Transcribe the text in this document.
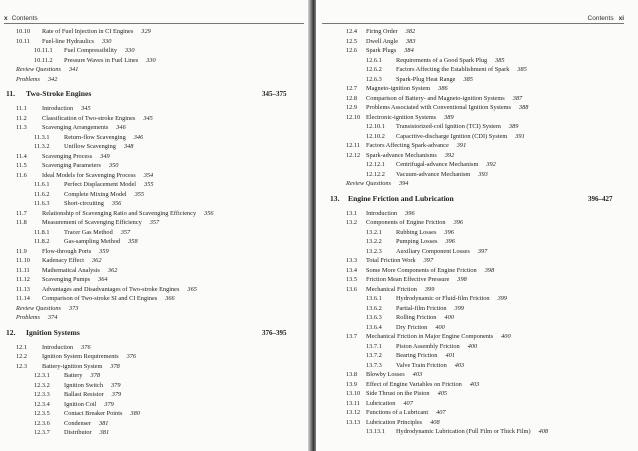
x Contents
10.10 Rate of Fuel Injection in CI Engines 329
10.11 Fuel-line Hydraulics 330
10.11.1 Fuel Compressibility 330
10.11.2 Pressure Waves in Fuel Lines 330
Review Questions 341
Problems 342
11. Two-Stroke Engines	345–375
11.1 Introduction 345
11.2 Classification of Two-stroke Engines 345
11.3 Scavenging Arrangements 346
11.3.1 Return-flow Scavenging 346
11.3.2 Uniflow Scavenging 348
11.4 Scavenging Process 349
11.5 Scavenging Parameters 350
11.6 Ideal Models for Scavenging Process 354
11.6.1 Perfect Displacement Model 355
11.6.2 Complete Mixing Model 355
11.6.3 Short-circuiting 356
11.7 Relationship of Scavenging Ratio and Scavenging Efficiency 356
11.8 Measurement of Scavenging Efficiency 357
11.8.1 Tracer Gas Method 357
11.8.2 Gas-sampling Method 358
11.9 Flow-through Ports 359
11.10 Kadenacy Effect 362
11.11 Mathematical Analysis 362
11.12 Scavenging Pumps 364
11.13 Advantages and Disadvantages of Two-stroke Engines 365
11.14 Comparison of Two-stroke SI and CI Engines 366
Review Questions 373
Problems 374
12. Ignition Systems	376–395
12.1 Introduction 376
12.2 Ignition System Requirements 376
12.3 Battery-ignition System 378
12.3.1 Battery 378
12.3.2 Ignition Switch 379
12.3.3 Ballast Resistor 379
12.3.4 Ignition Coil 379
12.3.5 Contact Breaker Points 380
12.3.6 Condenser 381
12.3.7 Distributor 381
Contents xi
12.4 Firing Order 382
12.5 Dwell Angle 383
12.6 Spark Plugs 384
12.6.1 Requirements of a Good Spark Plug 385
12.6.2 Factors Affecting the Establishment of Spark 385
12.6.3 Spark-Plug Heat Range 385
12.7 Magneto-ignition System 386
12.8 Comparison of Battery- and Magneto-ignition Systems 387
12.9 Problems Associated with Conventional Ignition Systems 388
12.10 Electronic-ignition Systems 389
12.10.1 Transistorized-coil Ignition (TCI) System 389
12.10.2 Capacitive-discharge Ignition (CDI) System 391
12.11 Factors Affecting Spark-advance 391
12.12 Spark-advance Mechanisms 392
12.12.1 Centrifugal-advance Mechanism 392
12.12.2 Vacuum-advance Mechanism 393
Review Questions 394
13. Engine Friction and Lubrication	396–427
13.1 Introduction 396
13.2 Components of Engine Friction 396
13.2.1 Rubbing Losses 396
13.2.2 Pumping Losses 396
13.2.3 Auxiliary Component Losses 397
13.3 Total Friction Work 397
13.4 Some More Components of Engine Friction 398
13.5 Friction Mean Effective Pressure 398
13.6 Mechanical Friction 399
13.6.1 Hydrodynamic or Fluid-film Friction 399
13.6.2 Partial-film Friction 399
13.6.3 Rolling Friction 400
13.6.4 Dry Friction 400
13.7 Mechanical Friction in Major Engine Components 400
13.7.1 Piston Assembly Friction 400
13.7.2 Bearing Friction 401
13.7.3 Valve Train Friction 403
13.8 Blowby Losses 403
13.9 Effect of Engine Variables on Friction 403
13.10 Side Thrust on the Piston 405
13.11 Lubrication 407
13.12 Functions of a Lubricant 407
13.13 Lubrication Principles 408
13.13.1 Hydrodynamic Lubrication (Full Film or Thick Film) 408
